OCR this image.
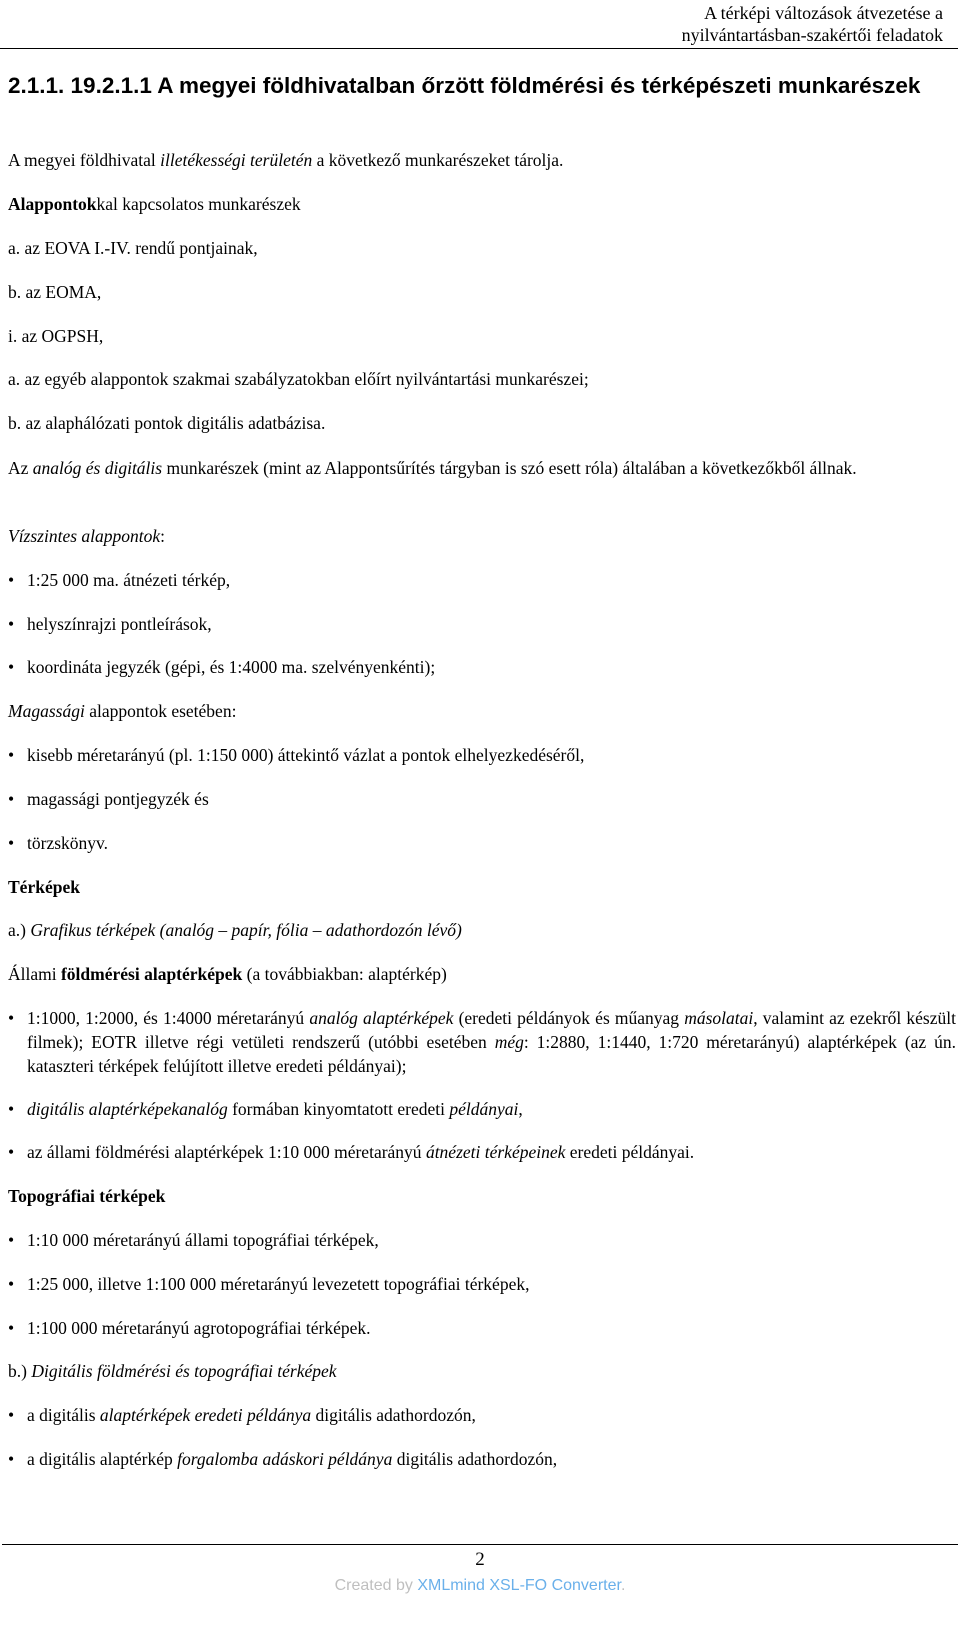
A térképi változások átvezetése a
nyilvántartásban-szakértői feladatok
2.1.1. 19.2.1.1 A megyei földhivatalban őrzött földmérési és térképészeti munkarészek

A megyei földhivatal illetékességi területén a következő munkarészeket tárolja.

Alappontokkal kapcsolatos munkarészek

a. az EOVA I.-IV. rendű pontjainak,

b. az EOMA,

i. az OGPSH,

a. az egyéb alappontok szakmai szabályzatokban előírt nyilvántartási munkarészei;

b. az alaphálózati pontok digitális adatbázisa.

Az analóg és digitális munkarészek (mint az Alappontsűrítés tárgyban is szó esett róla) általában a következőkből állnak.

Vízszintes alappontok:

• 1:25 000 ma. átnézeti térkép,
• helyszínrajzi pontleírások,
• koordináta jegyzék (gépi, és 1:4000 ma. szelvényenkénti);

Magassági alappontok esetében:

• kisebb méretarányú (pl. 1:150 000) áttekintő vázlat a pontok elhelyezkedéséről,
• magassági pontjegyzék és
• törzskönyv.

Térképek

a.) Grafikus térképek (analóg – papír, fólia – adathordozón lévő)

Állami földmérési alaptérképek (a továbbiakban: alaptérkép)

• 1:1000, 1:2000, és 1:4000 méretarányú analóg alaptérképek (eredeti példányok és műanyag másolatai, valamint az ezekről készült filmek); EOTR illetve régi vetületi rendszerű (utóbbi esetében még: 1:2880, 1:1440, 1:720 méretarányú) alaptérképek (az ún. kataszteri térképek felújított illetve eredeti példányai);
• digitális alaptérképekanalóg formában kinyomtatott eredeti példányai,
• az állami földmérési alaptérképek 1:10 000 méretarányú átnézeti térképeinek eredeti példányai.

Topográfiai térképek

• 1:10 000 méretarányú állami topográfiai térképek,
• 1:25 000, illetve 1:100 000 méretarányú levezetett topográfiai térképek,
• 1:100 000 méretarányú agrotopográfiai térképek.

b.) Digitális földmérési és topográfiai térképek

• a digitális alaptérképek eredeti példánya digitális adathordozón,
• a digitális alaptérkép forgalomba adáskori példánya digitális adathordozón,
2
Created by XMLmind XSL-FO Converter.
